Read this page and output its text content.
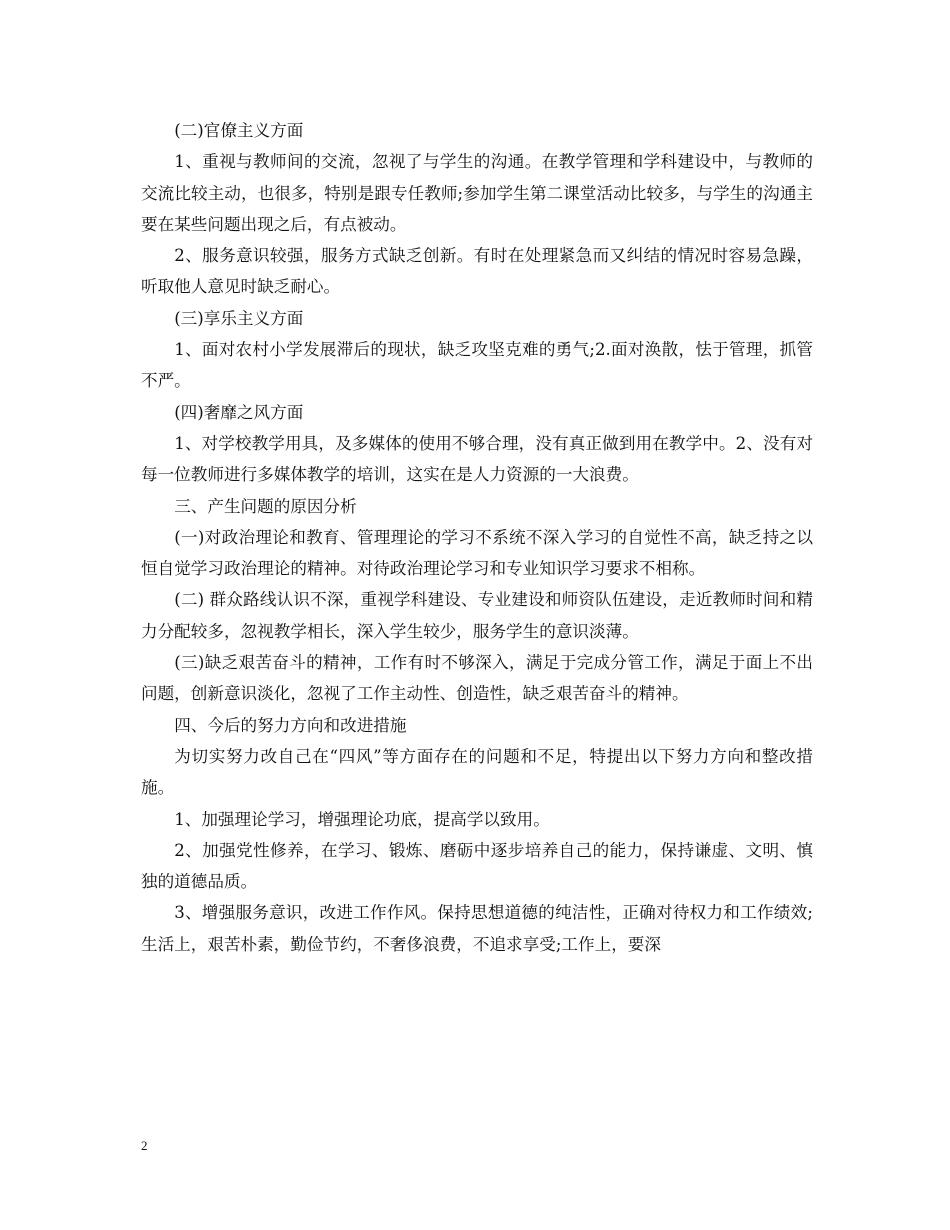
(二)官僚主义方面

1、重视与教师间的交流，忽视了与学生的沟通。在教学管理和学科建设中，与教师的交流比较主动，也很多，特别是跟专任教师;参加学生第二课堂活动比较多，与学生的沟通主要在某些问题出现之后，有点被动。

2、服务意识较强，服务方式缺乏创新。有时在处理紧急而又纠结的情况时容易急躁，听取他人意见时缺乏耐心。

(三)享乐主义方面

1、面对农村小学发展滞后的现状，缺乏攻坚克难的勇气;2.面对涣散，怯于管理，抓管不严。

(四)奢靡之风方面

1、对学校教学用具，及多媒体的使用不够合理，没有真正做到用在教学中。2、没有对每一位教师进行多媒体教学的培训，这实在是人力资源的一大浪费。

三、产生问题的原因分析

(一)对政治理论和教育、管理理论的学习不系统不深入学习的自觉性不高，缺乏持之以恒自觉学习政治理论的精神。对待政治理论学习和专业知识学习要求不相称。

(二) 群众路线认识不深，重视学科建设、专业建设和师资队伍建设，走近教师时间和精力分配较多，忽视教学相长，深入学生较少，服务学生的意识淡薄。

(三)缺乏艰苦奋斗的精神，工作有时不够深入，满足于完成分管工作，满足于面上不出问题，创新意识淡化，忽视了工作主动性、创造性，缺乏艰苦奋斗的精神。

四、今后的努力方向和改进措施

为切实努力改自己在“四风”等方面存在的问题和不足，特提出以下努力方向和整改措施。

1、加强理论学习，增强理论功底，提高学以致用。

2、加强党性修养，在学习、锻炼、磨砺中逐步培养自己的能力，保持谦虚、文明、慎独的道德品质。

3、增强服务意识，改进工作作风。保持思想道德的纯洁性，正确对待权力和工作绩效;生活上，艰苦朴素，勤俭节约，不奢侈浪费，不追求享受;工作上，要深

2
